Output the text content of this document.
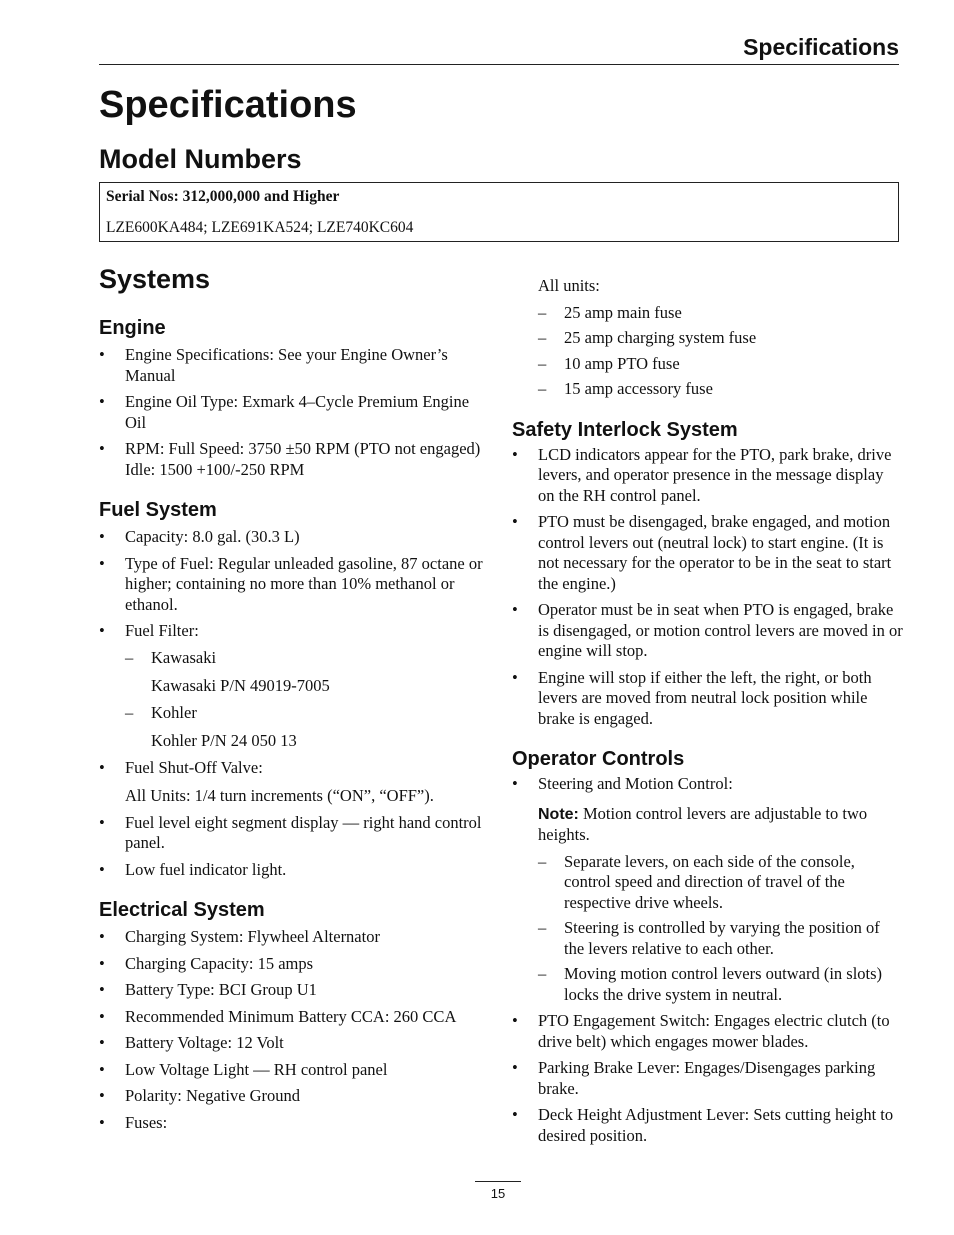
Specifications
Specifications
Model Numbers
Serial Nos: 312,000,000 and Higher
LZE600KA484; LZE691KA524; LZE740KC604
Systems
Engine
•	Engine Specifications: See your Engine Owner’s Manual
•	Engine Oil Type: Exmark 4–Cycle Premium Engine Oil
•	RPM: Full Speed: 3750 ±50 RPM (PTO not engaged) Idle: 1500 +100/-250 RPM
Fuel System
•	Capacity: 8.0 gal. (30.3 L)
•	Type of Fuel: Regular unleaded gasoline, 87 octane or higher; containing no more than 10% methanol or ethanol.
•	Fuel Filter:
–	Kawasaki
Kawasaki P/N 49019-7005
–	Kohler
Kohler P/N 24 050 13
•	Fuel Shut-Off Valve:
All Units: 1/4 turn increments (“ON”, “OFF”).
•	Fuel level eight segment display — right hand control panel.
•	Low fuel indicator light.
Electrical System
•	Charging System: Flywheel Alternator
•	Charging Capacity: 15 amps
•	Battery Type: BCI Group U1
•	Recommended Minimum Battery CCA: 260 CCA
•	Battery Voltage: 12 Volt
•	Low Voltage Light — RH control panel
•	Polarity: Negative Ground
•	Fuses:
All units:
–	25 amp main fuse
–	25 amp charging system fuse
–	10 amp PTO fuse
–	15 amp accessory fuse
Safety Interlock System
•	LCD indicators appear for the PTO, park brake, drive levers, and operator presence in the message display on the RH control panel.
•	PTO must be disengaged, brake engaged, and motion control levers out (neutral lock) to start engine. (It is not necessary for the operator to be in the seat to start the engine.)
•	Operator must be in seat when PTO is engaged, brake is disengaged, or motion control levers are moved in or engine will stop.
•	Engine will stop if either the left, the right, or both levers are moved from neutral lock position while brake is engaged.
Operator Controls
•	Steering and Motion Control:
Note: Motion control levers are adjustable to two heights.
–	Separate levers, on each side of the console, control speed and direction of travel of the respective drive wheels.
–	Steering is controlled by varying the position of the levers relative to each other.
–	Moving motion control levers outward (in slots) locks the drive system in neutral.
•	PTO Engagement Switch: Engages electric clutch (to drive belt) which engages mower blades.
•	Parking Brake Lever: Engages/Disengages parking brake.
•	Deck Height Adjustment Lever: Sets cutting height to desired position.
15
